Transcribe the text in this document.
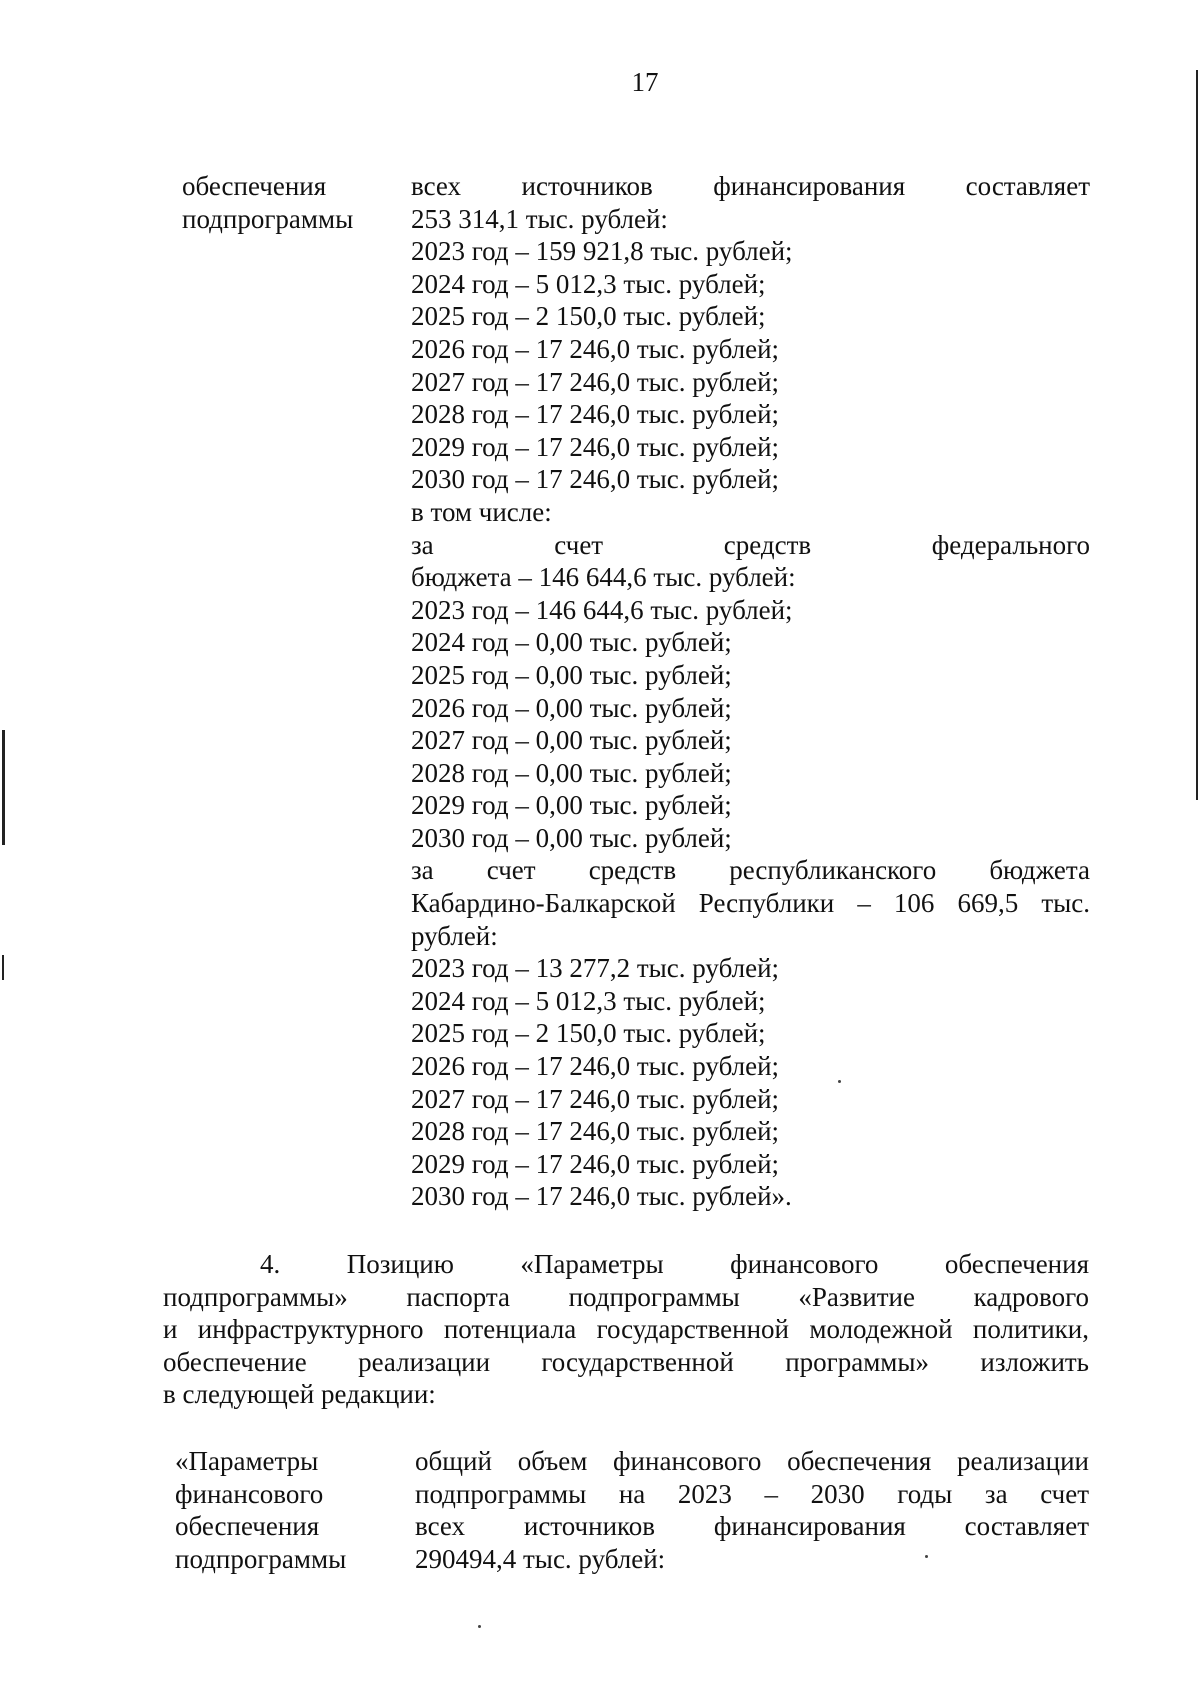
17
обеспечения
подпрограммы
всех источников финансирования составляет
253 314,1 тыс. рублей:
2023 год – 159 921,8 тыс. рублей;
2024 год – 5 012,3 тыс. рублей;
2025 год – 2 150,0 тыс. рублей;
2026 год – 17 246,0 тыс. рублей;
2027 год – 17 246,0 тыс. рублей;
2028 год – 17 246,0 тыс. рублей;
2029 год – 17 246,0 тыс. рублей;
2030 год – 17 246,0 тыс. рублей;
в том числе:
за счет средств федерального
бюджета – 146 644,6 тыс. рублей:
2023 год – 146 644,6 тыс. рублей;
2024 год – 0,00 тыс. рублей;
2025 год – 0,00 тыс. рублей;
2026 год – 0,00 тыс. рублей;
2027 год – 0,00 тыс. рублей;
2028 год – 0,00 тыс. рублей;
2029 год – 0,00 тыс. рублей;
2030 год – 0,00 тыс. рублей;
за счет средств республиканского бюджета
Кабардино-Балкарской Республики – 106 669,5 тыс.
рублей:
2023 год – 13 277,2 тыс. рублей;
2024 год – 5 012,3 тыс. рублей;
2025 год – 2 150,0 тыс. рублей;
2026 год – 17 246,0 тыс. рублей;
2027 год – 17 246,0 тыс. рублей;
2028 год – 17 246,0 тыс. рублей;
2029 год – 17 246,0 тыс. рублей;
2030 год – 17 246,0 тыс. рублей».
4. Позицию «Параметры финансового обеспечения
подпрограммы» паспорта подпрограммы «Развитие кадрового
и инфраструктурного потенциала государственной молодежной политики,
обеспечение реализации государственной программы» изложить
в следующей редакции:
«Параметры
финансового
обеспечения
подпрограммы
общий объем финансового обеспечения реализации
подпрограммы на 2023 – 2030 годы за счет
всех источников финансирования составляет
290494,4 тыс. рублей:
